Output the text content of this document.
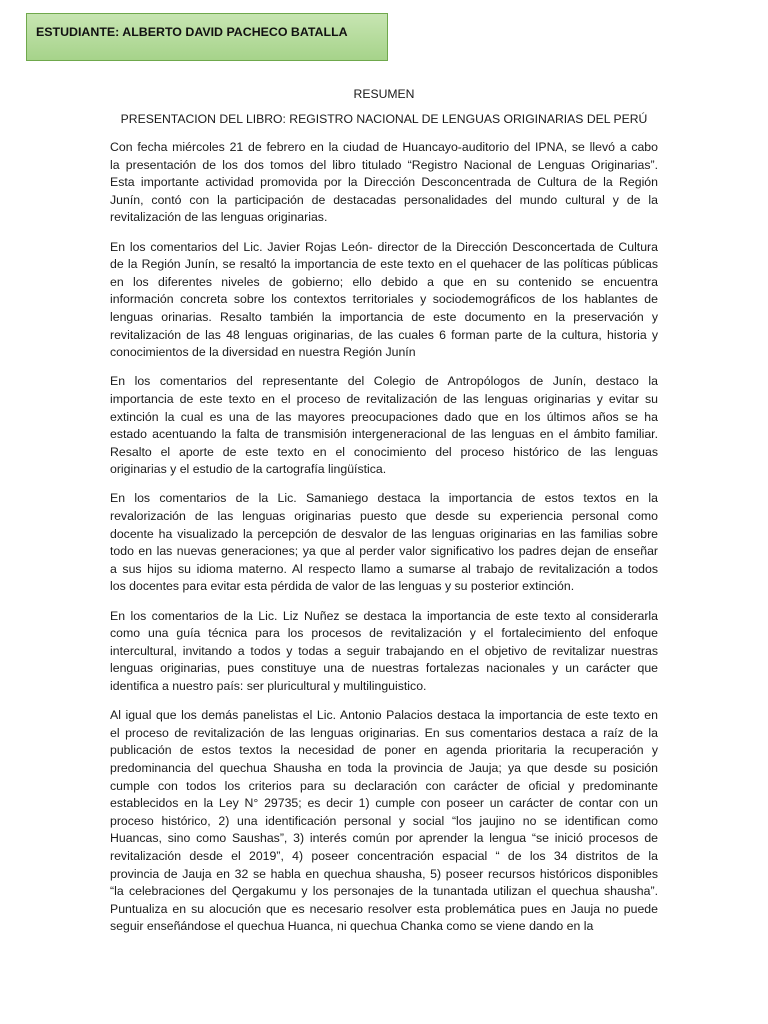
ESTUDIANTE: ALBERTO DAVID PACHECO BATALLA
RESUMEN
PRESENTACION DEL LIBRO: REGISTRO NACIONAL DE LENGUAS ORIGINARIAS DEL PERÚ
Con fecha miércoles 21 de febrero en la ciudad de Huancayo-auditorio del IPNA, se llevó a cabo
la presentación de los dos tomos del libro titulado “Registro Nacional de Lenguas Originarias”.
Esta importante actividad promovida por la Dirección Desconcentrada de Cultura de la Región
Junín, contó con la participación de destacadas personalidades del mundo cultural y de la
revitalización de las lenguas originarias.
En los comentarios del Lic. Javier Rojas León- director de la Dirección Desconcertada de Cultura
de la Región Junín, se resaltó la importancia de este texto en el quehacer de las políticas públicas
en los diferentes niveles de gobierno; ello debido a que en su contenido se encuentra
información concreta sobre los contextos territoriales y sociodemográficos de los hablantes de
lenguas orinarias. Resalto también la importancia de este documento en la preservación y
revitalización de las 48 lenguas originarias, de las cuales 6 forman parte de la cultura, historia y
conocimientos de la diversidad en nuestra Región Junín
En los comentarios del representante del Colegio de Antropólogos de Junín, destaco la
importancia de este texto en el proceso de revitalización de las lenguas originarias y evitar su
extinción la cual es una de las mayores preocupaciones dado que en los últimos años se ha
estado acentuando la falta de transmisión intergeneracional de las lenguas en el ámbito familiar.
Resalto el aporte de este texto en el conocimiento del proceso histórico de las lenguas
originarias y el estudio de la cartografía lingüística.
En los comentarios de la Lic. Samaniego destaca la importancia de estos textos en la
revalorización de las lenguas originarias puesto que desde su experiencia personal como
docente ha visualizado la percepción de desvalor de las lenguas originarias en las familias sobre
todo en las nuevas generaciones; ya que al perder valor significativo los padres dejan de enseñar
a sus hijos su idioma materno. Al respecto llamo a sumarse al trabajo de revitalización a todos
los docentes para evitar esta pérdida de valor de las lenguas y su posterior extinción.
En los comentarios de la Lic. Liz Nuñez se destaca la importancia de este texto al considerarla
como una guía técnica para los procesos de revitalización y el fortalecimiento del enfoque
intercultural, invitando a todos y todas a seguir trabajando en el objetivo de revitalizar nuestras
lenguas originarias, pues constituye una de nuestras fortalezas nacionales y un carácter que
identifica a nuestro país: ser pluricultural y multilinguistico.
Al igual que los demás panelistas el Lic. Antonio Palacios destaca la importancia de este texto en
el proceso de revitalización de las lenguas originarias. En sus comentarios destaca a raíz de la
publicación de estos textos la necesidad de poner en agenda prioritaria la recuperación y
predominancia del quechua Shausha en toda la provincia de Jauja; ya que desde su posición
cumple con todos los criterios para su declaración con carácter de oficial y predominante
establecidos en la Ley N° 29735; es decir 1) cumple con poseer un carácter de contar con un
proceso histórico, 2) una identificación personal y social “los jaujino no se identifican como
Huancas, sino como Saushas”, 3) interés común por aprender la lengua “se inició procesos de
revitalización desde el 2019”, 4) poseer concentración espacial “ de los 34 distritos de la
provincia de Jauja en 32 se habla en quechua shausha, 5) poseer recursos históricos disponibles
“la celebraciones del Qergakumu y los personajes de la tunantada utilizan el quechua shausha”.
Puntualiza en su alocución que es necesario resolver esta problemática pues en Jauja no puede
seguir enseñándose el quechua Huanca, ni quechua Chanka como se viene dando en la
